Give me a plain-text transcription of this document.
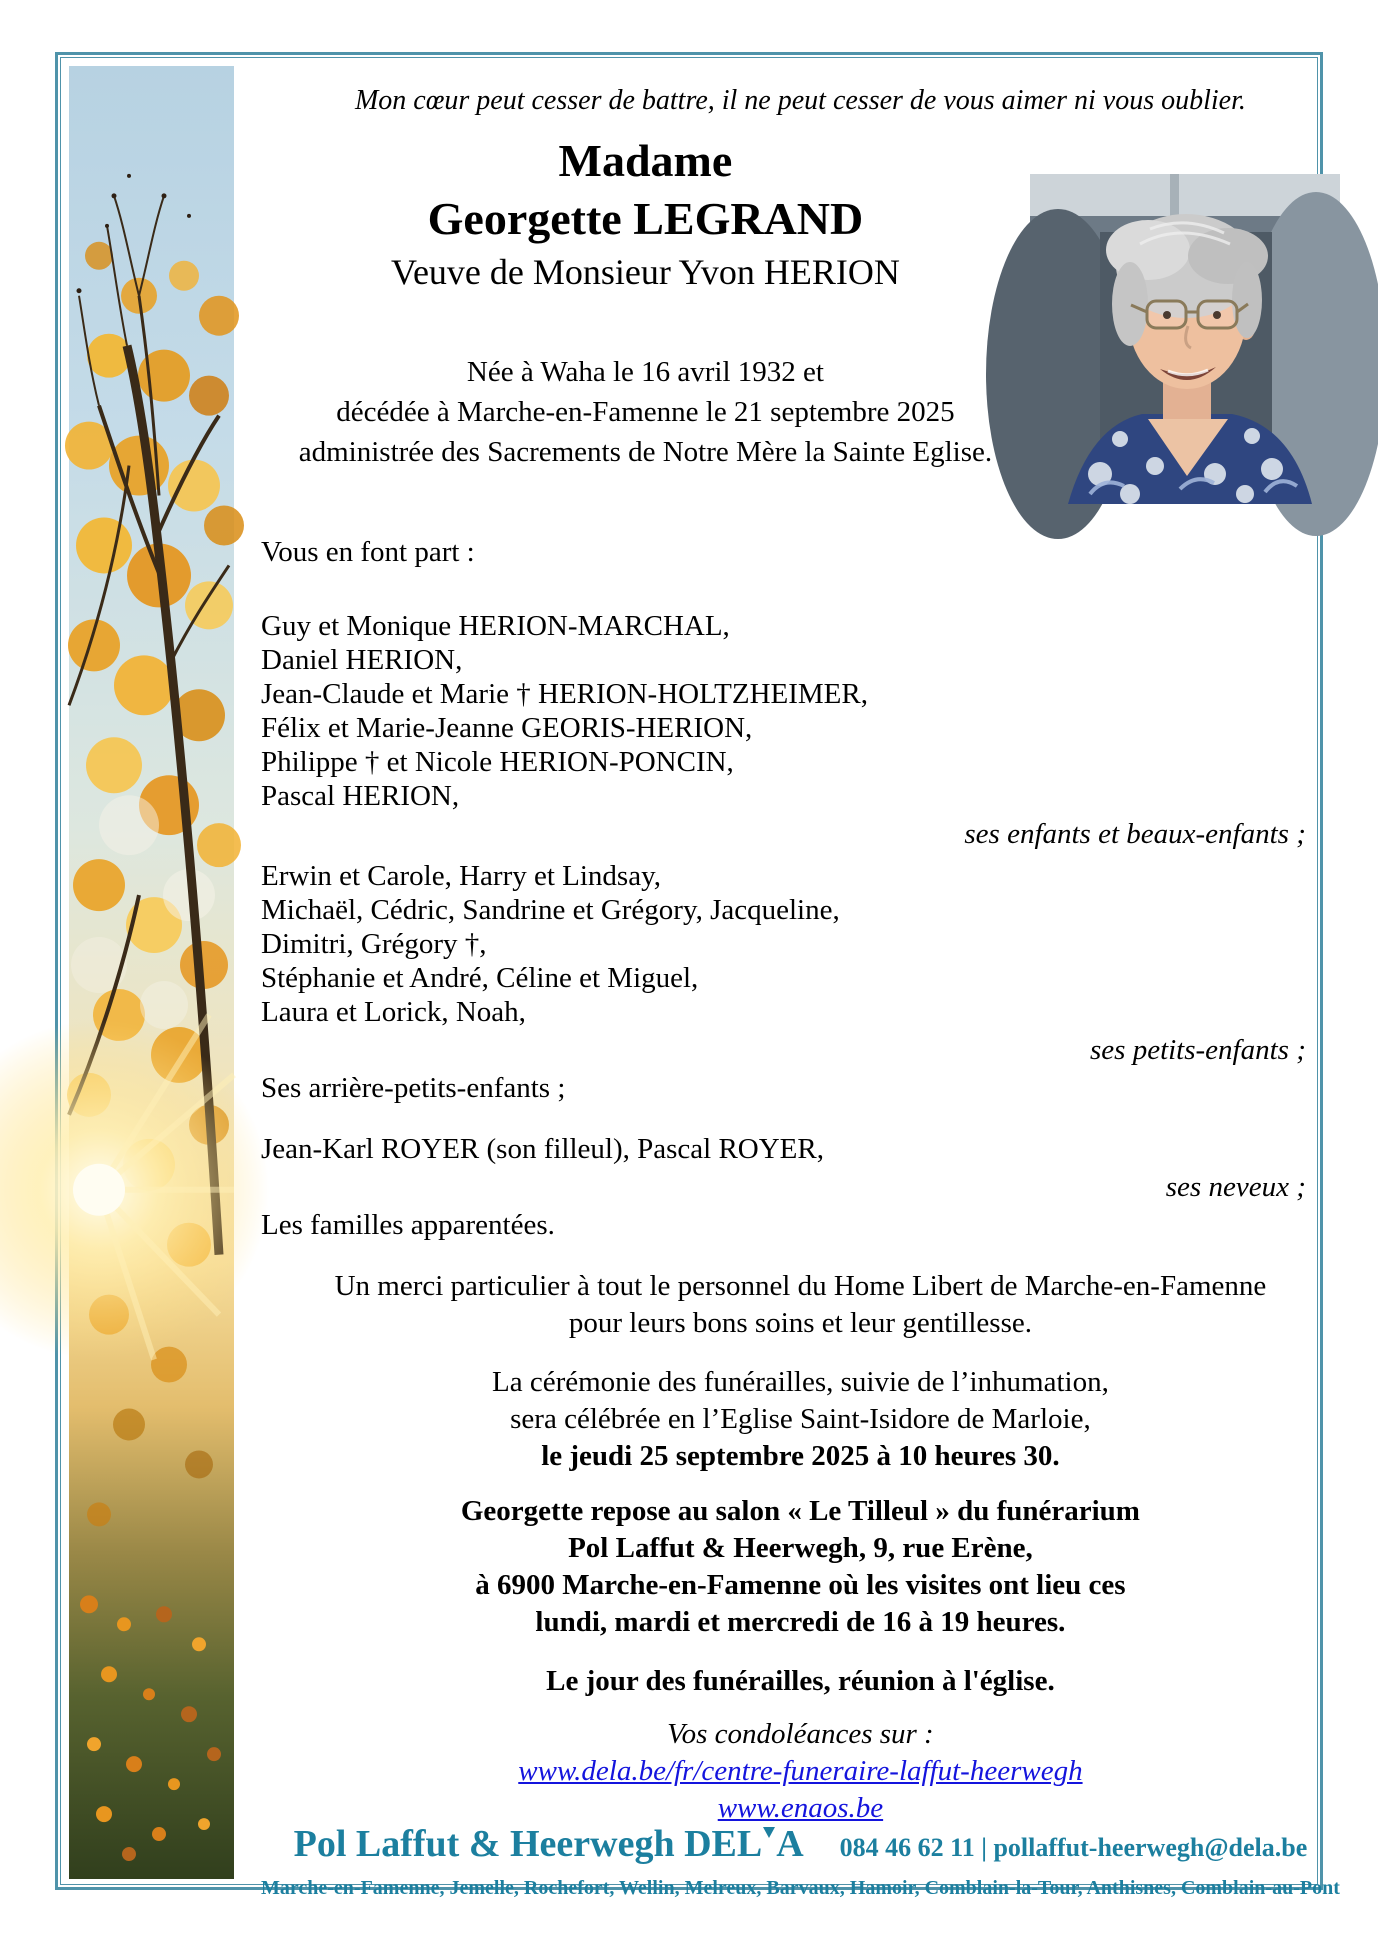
Mon cœur peut cesser de battre, il ne peut cesser de vous aimer ni vous oublier.
Madame
Georgette LEGRAND
Veuve de Monsieur Yvon HERION
Née à Waha le 16 avril 1932 et
décédée à Marche-en-Famenne le 21 septembre 2025
administrée des Sacrements de Notre Mère la Sainte Eglise.
Vous en font part :
Guy et Monique HERION-MARCHAL,
Daniel HERION,
Jean-Claude et Marie † HERION-HOLTZHEIMER,
Félix et Marie-Jeanne GEORIS-HERION,
Philippe † et Nicole HERION-PONCIN,
Pascal HERION,
ses enfants et beaux-enfants ;
Erwin et Carole, Harry et Lindsay,
Michaël, Cédric, Sandrine et Grégory, Jacqueline,
Dimitri, Grégory †,
Stéphanie et André, Céline et Miguel,
Laura et Lorick, Noah,
ses petits-enfants ;
Ses arrière-petits-enfants ;
Jean-Karl ROYER (son filleul), Pascal ROYER,
ses neveux ;
Les familles apparentées.
Un merci particulier à tout le personnel du Home Libert de Marche-en-Famenne
pour leurs bons soins et leur gentillesse.
La cérémonie des funérailles, suivie de l’inhumation,
sera célébrée en l’Eglise Saint-Isidore de Marloie,
le jeudi 25 septembre 2025 à 10 heures 30.
Georgette repose au salon « Le Tilleul » du funérarium
Pol Laffut & Heerwegh, 9, rue Erène,
à 6900 Marche-en-Famenne où les visites ont lieu ces
lundi, mardi et mercredi de 16 à 19 heures.
Le jour des funérailles, réunion à l'église.
Vos condoléances sur :
www.dela.be/fr/centre-funeraire-laffut-heerwegh
www.enaos.be
Pol Laffut & Heerwegh DEL A 084 46 62 11 | pollaffut-heerwegh@dela.be
Marche-en-Famenne, Jemelle, Rochefort, Wellin, Melreux, Barvaux, Hamoir, Comblain-la-Tour, Anthisnes, Comblain-au-Pont
